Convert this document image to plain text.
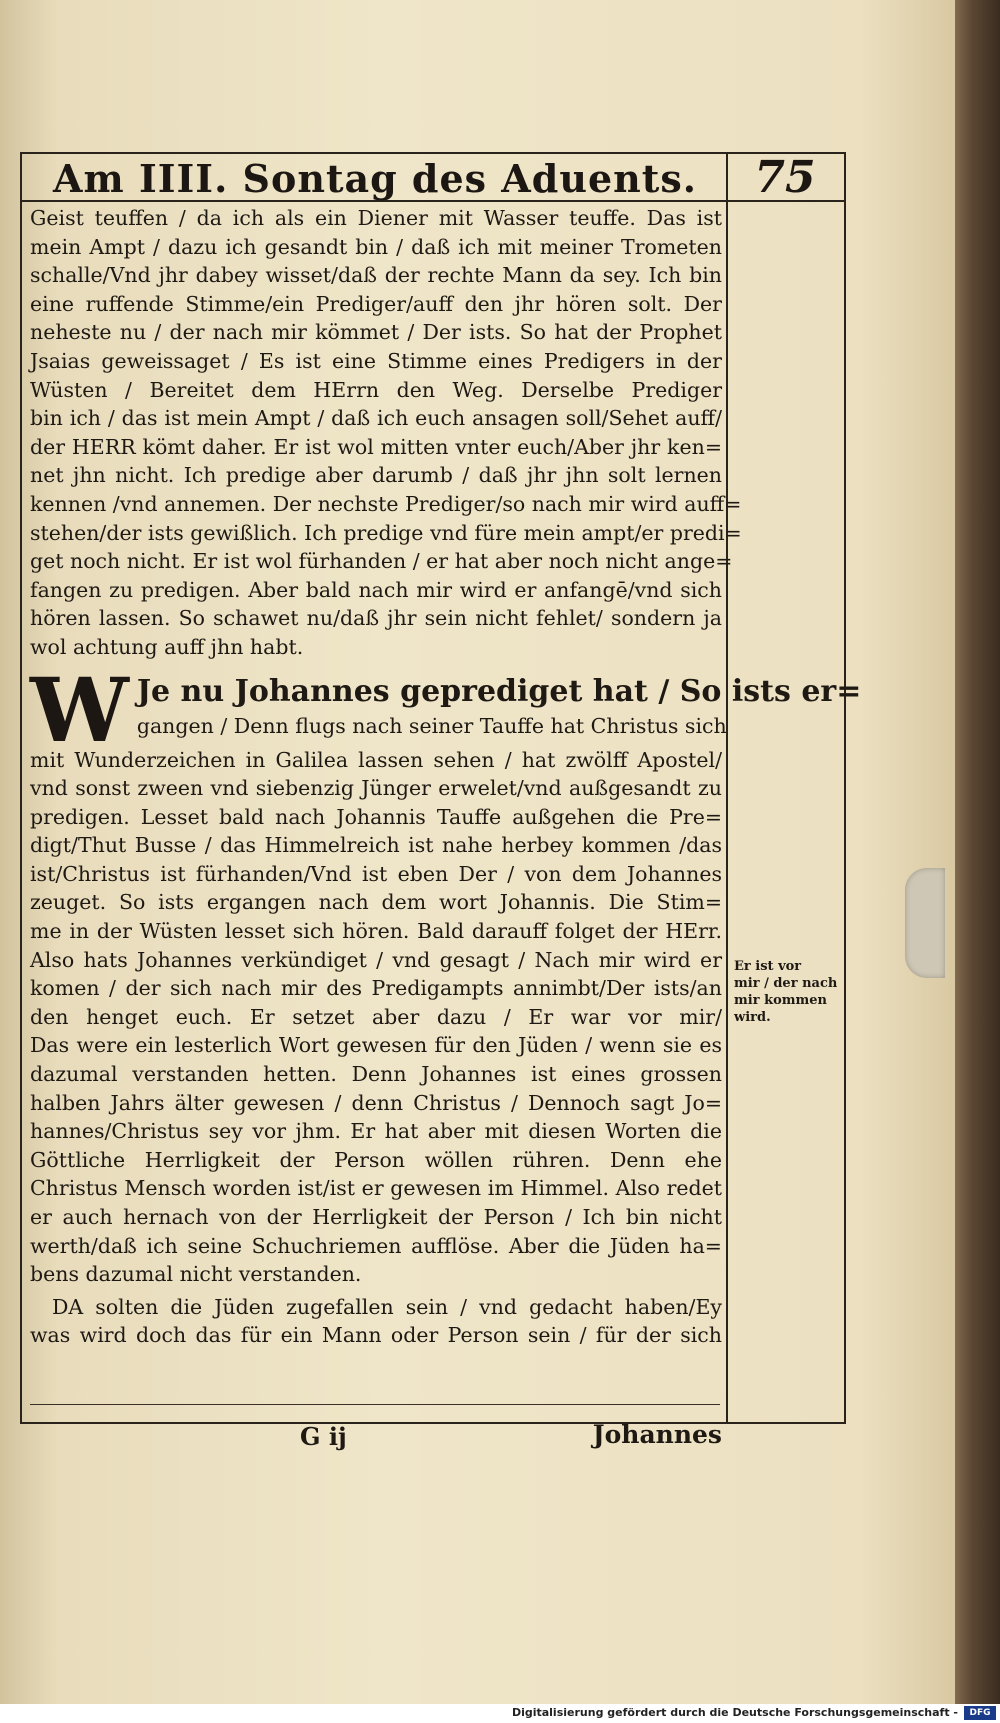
Am IIII. Sontag des Aduents.	75
Geist teuffen / da ich als ein Diener mit Wasser teuffe. Das ist
mein Ampt / dazu ich gesandt bin / daß ich mit meiner Trometen
schalle/Vnd jhr dabey wisset/daß der rechte Mann da sey. Ich bin
eine ruffende Stimme/ein Prediger/auff den jhr hören solt. Der
neheste nu / der nach mir kömmet / Der ists. So hat der Prophet
Jsaias geweissaget / Es ist eine Stimme eines Predigers in der
Wüsten / Bereitet dem HErrn den Weg. Derselbe Prediger
bin ich / das ist mein Ampt / daß ich euch ansagen soll/Sehet auff/
der HERR kömt daher. Er ist wol mitten vnter euch/Aber jhr ken=
net jhn nicht. Ich predige aber darumb / daß jhr jhn solt lernen
kennen /vnd annemen. Der nechste Prediger/so nach mir wird auff=
stehen/der ists gewißlich. Ich predige vnd füre mein ampt/er predi=
get noch nicht. Er ist wol fürhanden / er hat aber noch nicht ange=
fangen zu predigen. Aber bald nach mir wird er anfangē/vnd sich
hören lassen. So schawet nu/daß jhr sein nicht fehlet/ sondern ja
wol achtung auff jhn habt.
W Je nu Johannes geprediget hat / So ists er=
gangen / Denn flugs nach seiner Tauffe hat Christus sich
mit Wunderzeichen in Galilea lassen sehen / hat zwölff Apostel/
vnd sonst zween vnd siebenzig Jünger erwelet/vnd außgesandt zu
predigen. Lesset bald nach Johannis Tauffe außgehen die Pre=
digt/Thut Busse / das Himmelreich ist nahe herbey kommen /das
ist/Christus ist fürhanden/Vnd ist eben Der / von dem Johannes
zeuget. So ists ergangen nach dem wort Johannis. Die Stim=
me in der Wüsten lesset sich hören. Bald darauff folget der HErr.
Also hats Johannes verkündiget / vnd gesagt / Nach mir wird er
komen / der sich nach mir des Predigampts annimbt/Der ists/an
den henget euch. Er setzet aber dazu / Er war vor mir/
Das were ein lesterlich Wort gewesen für den Jüden / wenn sie es
dazumal verstanden hetten. Denn Johannes ist eines grossen
halben Jahrs älter gewesen / denn Christus / Dennoch sagt Jo=
hannes/Christus sey vor jhm. Er hat aber mit diesen Worten die
Göttliche Herrligkeit der Person wöllen rühren. Denn ehe
Christus Mensch worden ist/ist er gewesen im Himmel. Also redet
er auch hernach von der Herrligkeit der Person / Ich bin nicht
werth/daß ich seine Schuchriemen aufflöse. Aber die Jüden ha=
bens dazumal nicht verstanden.
DA solten die Jüden zugefallen sein / vnd gedacht haben/Ey
was wird doch das für ein Mann oder Person sein / für der sich
Er ist vor
mir / der nach
mir kommen
wird.
G ij	Johannes
Digitalisierung gefördert durch die Deutsche Forschungsgemeinschaft -	DFG
